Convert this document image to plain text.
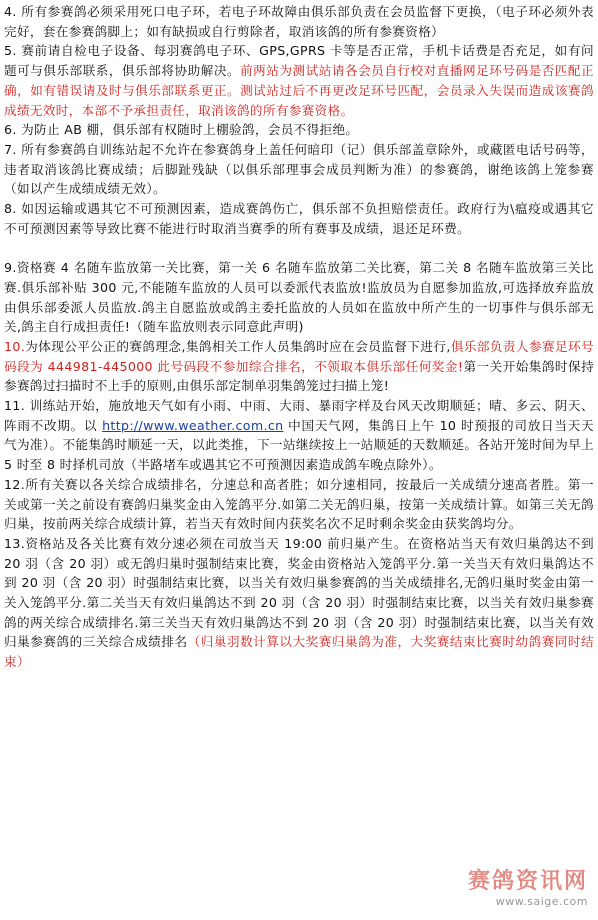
4. 所有参赛鸽必须采用死口电子环，若电子环故障由俱乐部负责在会员监督下更换，（电子环必须外表完好，套在参赛鸽脚上；如有缺损或自行剪除者，取消该鸽的所有参赛资格）

5. 赛前请自检电子设备、每羽赛鸽电子环、GPS,GPRS 卡等是否正常，手机卡话费是否充足，如有问题可与俱乐部联系，俱乐部将协助解决。前两站为测试站请各会员自行校对直播网足环号码是否匹配正确，如有错误请及时与俱乐部联系更正。测试站过后不再更改足环号匹配，会员录入失误而造成该赛鸽成绩无效时，本部不予承担责任，取消该鸽的所有参赛资格。

6. 为防止 AB 棚，俱乐部有权随时上棚验鸽，会员不得拒绝。

7. 所有参赛鸽自训练站起不允许在参赛鸽身上盖任何暗印（记）俱乐部盖章除外，或藏匿电话号码等，违者取消该鸽比赛成绩；后脚趾残缺（以俱乐部理事会成员判断为准）的参赛鸽，谢绝该鸽上笼参赛（如以产生成绩成绩无效）。

8. 如因运输或遇其它不可预测因素，造成赛鸽伤亡，俱乐部不负担赔偿责任。政府行为\瘟疫或遇其它不可预测因素等导致比赛不能进行时取消当赛季的所有赛事及成绩，退还足环费。

9.资格赛 4 名随车监放第一关比赛，第一关 6 名随车监放第二关比赛，第二关 8 名随车监放第三关比赛.俱乐部补贴 300 元,不能随车监放的人员可以委派代表监放!监放员为自愿参加监放,可选择放弃监放由俱乐部委派人员监放.鸽主自愿监放或鸽主委托监放的人员如在监放中所产生的一切事件与俱乐部无关,鸽主自行成担责任!（随车监放则表示同意此声明)

10.为体现公平公正的赛鸽理念,集鸽相关工作人员集鸽时应在会员监督下进行,俱乐部负责人参赛足环号码段为 444981-445000 此号码段不参加综合排名，不领取本俱乐部任何奖金!第一关开始集鸽时保持参赛鸽过扫描时不上手的原则,由俱乐部定制单羽集鸽笼过扫描上笼!

11. 训练站开始，施放地天气如有小雨、中雨、大雨、暴雨字样及台风天改期顺延；晴、多云、阴天、阵雨不改期。以 http://www.weather.com.cn 中国天气网，集鸽日上午 10 时预报的司放日当天天气为准）。不能集鸽时顺延一天，以此类推，下一站继续按上一站顺延的天数顺延。各站开笼时间为早上 5 时至 8 时择机司放（半路堵车或遇其它不可预测因素造成鸽车晚点除外）。

12.所有关赛以各关综合成绩排名，分速总和高者胜；如分速相同，按最后一关成绩分速高者胜。第一关或第一关之前设有赛鸽归巢奖金由入笼鸽平分.如第二关无鸽归巢，按第一关成绩计算。如第三关无鸽归巢，按前两关综合成绩计算，若当天有效时间内获奖名次不足时剩余奖金由获奖鸽均分。

13.资格站及各关比赛有效分速必须在司放当天 19:00 前归巢产生。在资格站当天有效归巢鸽达不到 20 羽（含 20 羽）或无鸽归巢时强制结束比赛，奖金由资格站入笼鸽平分.第一关当天有效归巢鸽达不到 20 羽（含 20 羽）时强制结束比赛，以当关有效归巢参赛鸽的当关成绩排名,无鸽归巢时奖金由第一关入笼鸽平分.第二关当天有效归巢鸽达不到 20 羽（含 20 羽）时强制结束比赛，以当关有效归巢参赛鸽的两关综合成绩排名.第三关当天有效归巢鸽达不到 20 羽（含 20 羽）时强制结束比赛，以当关有效归巢参赛鸽的三关综合成绩排名（归巢羽数计算以大奖赛归巢鸽为准，大奖赛结束比赛时幼鸽赛同时结束）

赛鸽资讯网
www.saige.com
